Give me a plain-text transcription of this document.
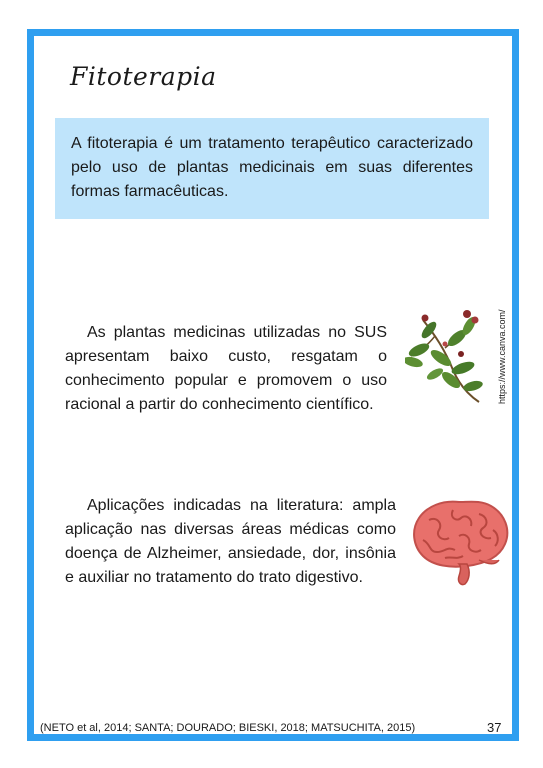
Fitoterapia

A fitoterapia é um tratamento terapêutico caracterizado pelo uso de plantas medicinais em suas diferentes formas farmacêuticas.

As plantas medicinas utilizadas no SUS apresentam baixo custo, resgatam o conhecimento popular e promovem o uso racional a partir do conhecimento científico.

https://www.canva.com/

Aplicações indicadas na literatura: ampla aplicação nas diversas áreas médicas como doença de Alzheimer, ansiedade, dor, insônia e auxiliar no tratamento do trato digestivo.

(NETO et al, 2014; SANTA; DOURADO; BIESKI, 2018; MATSUCHITA, 2015)	37
